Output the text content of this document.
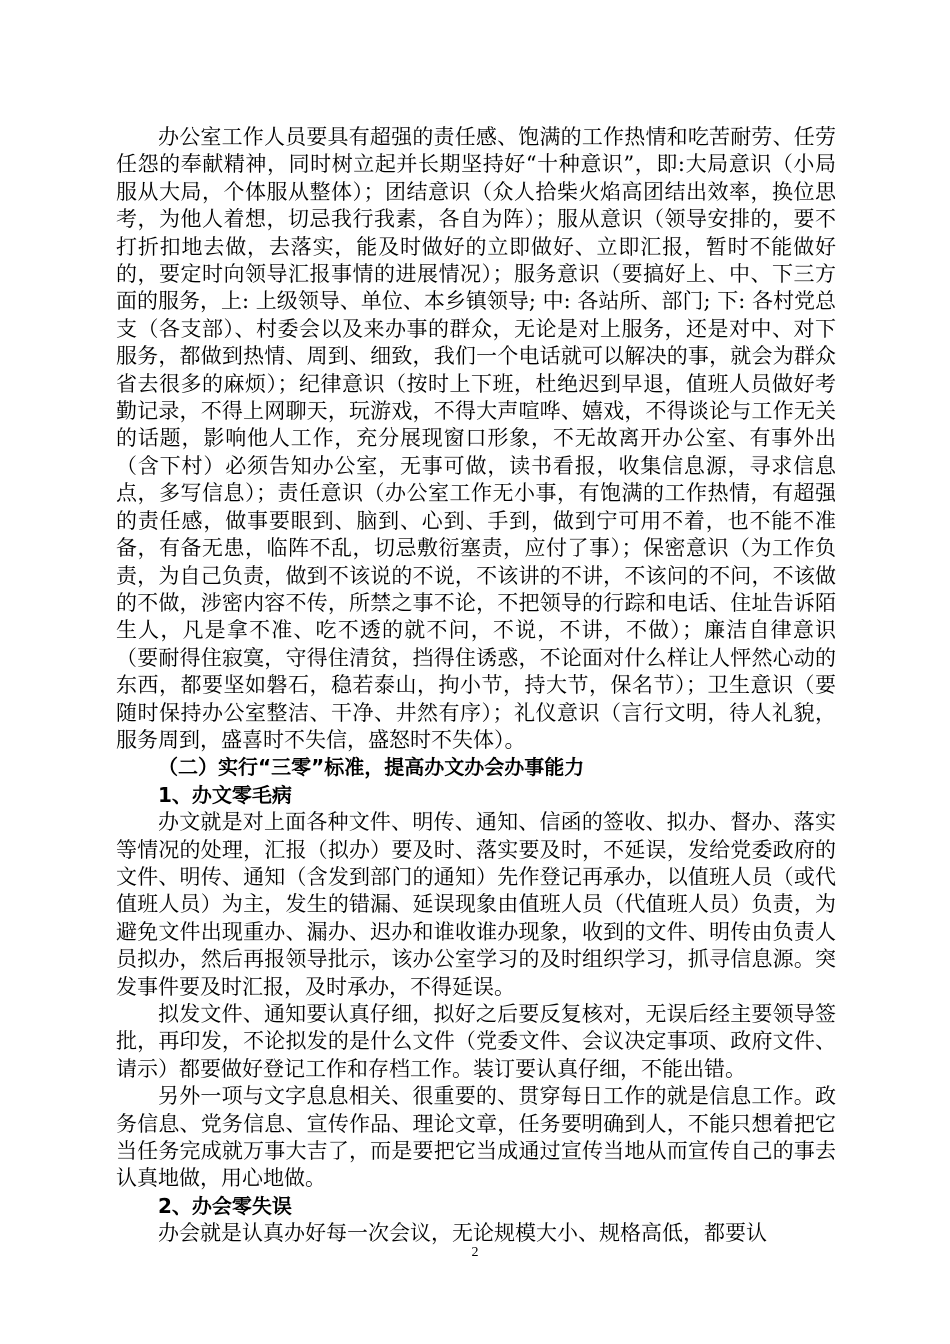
办公室工作人员要具有超强的责任感、饱满的工作热情和吃苦耐劳、任劳任怨的奉献精神，同时树立起并长期坚持好“十种意识”，即:大局意识（小局服从大局，个体服从整体）；团结意识（众人拾柴火焰高团结出效率，换位思考，为他人着想，切忌我行我素，各自为阵）；服从意识（领导安排的，要不打折扣地去做，去落实，能及时做好的立即做好、立即汇报，暂时不能做好的，要定时向领导汇报事情的进展情况）；服务意识（要搞好上、中、下三方面的服务，上: 上级领导、单位、本乡镇领导; 中: 各站所、部门; 下: 各村党总支（各支部）、村委会以及来办事的群众，无论是对上服务，还是对中、对下服务，都做到热情、周到、细致，我们一个电话就可以解决的事，就会为群众省去很多的麻烦）；纪律意识（按时上下班，杜绝迟到早退，值班人员做好考勤记录，不得上网聊天，玩游戏，不得大声喧哗、嬉戏，不得谈论与工作无关的话题，影响他人工作，充分展现窗口形象，不无故离开办公室、有事外出（含下村）必须告知办公室，无事可做，读书看报，收集信息源，寻求信息点，多写信息）；责任意识（办公室工作无小事，有饱满的工作热情，有超强的责任感，做事要眼到、脑到、心到、手到，做到宁可用不着，也不能不准备，有备无患，临阵不乱，切忌敷衍塞责，应付了事）；保密意识（为工作负责，为自己负责，做到不该说的不说，不该讲的不讲，不该问的不问，不该做的不做，涉密内容不传，所禁之事不论，不把领导的行踪和电话、住址告诉陌生人，凡是拿不准、吃不透的就不问，不说，不讲，不做）；廉洁自律意识（要耐得住寂寞，守得住清贫，挡得住诱惑，不论面对什么样让人怦然心动的东西，都要坚如磐石，稳若泰山，拘小节，持大节，保名节）；卫生意识（要随时保持办公室整洁、干净、井然有序）；礼仪意识（言行文明，待人礼貌，服务周到，盛喜时不失信，盛怒时不失体）。

（二）实行“三零”标准，提高办文办会办事能力
1、办文零毛病

办文就是对上面各种文件、明传、通知、信函的签收、拟办、督办、落实等情况的处理，汇报（拟办）要及时、落实要及时，不延误，发给党委政府的文件、明传、通知（含发到部门的通知）先作登记再承办，以值班人员（或代值班人员）为主，发生的错漏、延误现象由值班人员（代值班人员）负责，为避免文件出现重办、漏办、迟办和谁收谁办现象，收到的文件、明传由负责人员拟办，然后再报领导批示，该办公室学习的及时组织学习，抓寻信息源。突发事件要及时汇报，及时承办，不得延误。

拟发文件、通知要认真仔细，拟好之后要反复核对，无误后经主要领导签批，再印发，不论拟发的是什么文件（党委文件、会议决定事项、政府文件、请示）都要做好登记工作和存档工作。装订要认真仔细，不能出错。

另外一项与文字息息相关、很重要的、贯穿每日工作的就是信息工作。政务信息、党务信息、宣传作品、理论文章，任务要明确到人，不能只想着把它当任务完成就万事大吉了，而是要把它当成通过宣传当地从而宣传自己的事去认真地做，用心地做。

2、办会零失误

办会就是认真办好每一次会议，无论规模大小、规格高低，都要认

2
